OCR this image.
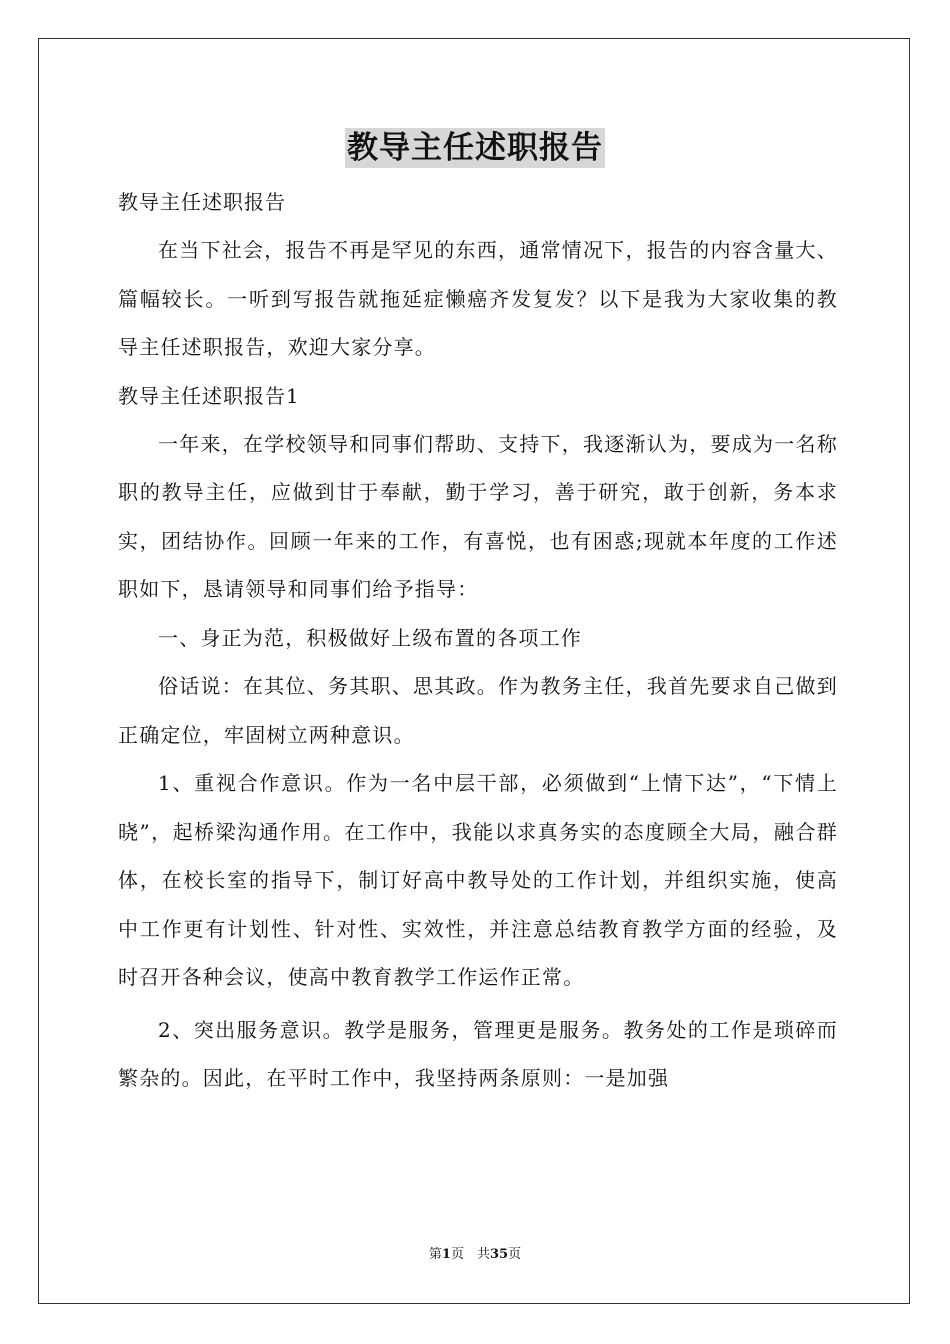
教导主任述职报告

教导主任述职报告

在当下社会，报告不再是罕见的东西，通常情况下，报告的内容含量大、篇幅较长。一听到写报告就拖延症懒癌齐发复发？以下是我为大家收集的教导主任述职报告，欢迎大家分享。

教导主任述职报告1

一年来，在学校领导和同事们帮助、支持下，我逐渐认为，要成为一名称职的教导主任，应做到甘于奉献，勤于学习，善于研究，敢于创新，务本求实，团结协作。回顾一年来的工作，有喜悦，也有困惑;现就本年度的工作述职如下，恳请领导和同事们给予指导：

一、身正为范，积极做好上级布置的各项工作

俗话说：在其位、务其职、思其政。作为教务主任，我首先要求自己做到正确定位，牢固树立两种意识。

1、重视合作意识。作为一名中层干部，必须做到“上情下达”，“下情上晓”，起桥梁沟通作用。在工作中，我能以求真务实的态度顾全大局，融合群体，在校长室的指导下，制订好高中教导处的工作计划，并组织实施，使高中工作更有计划性、针对性、实效性，并注意总结教育教学方面的经验，及时召开各种会议，使高中教育教学工作运作正常。

2、突出服务意识。教学是服务，管理更是服务。教务处的工作是琐碎而繁杂的。因此，在平时工作中，我坚持两条原则：一是加强

第1页　共35页
